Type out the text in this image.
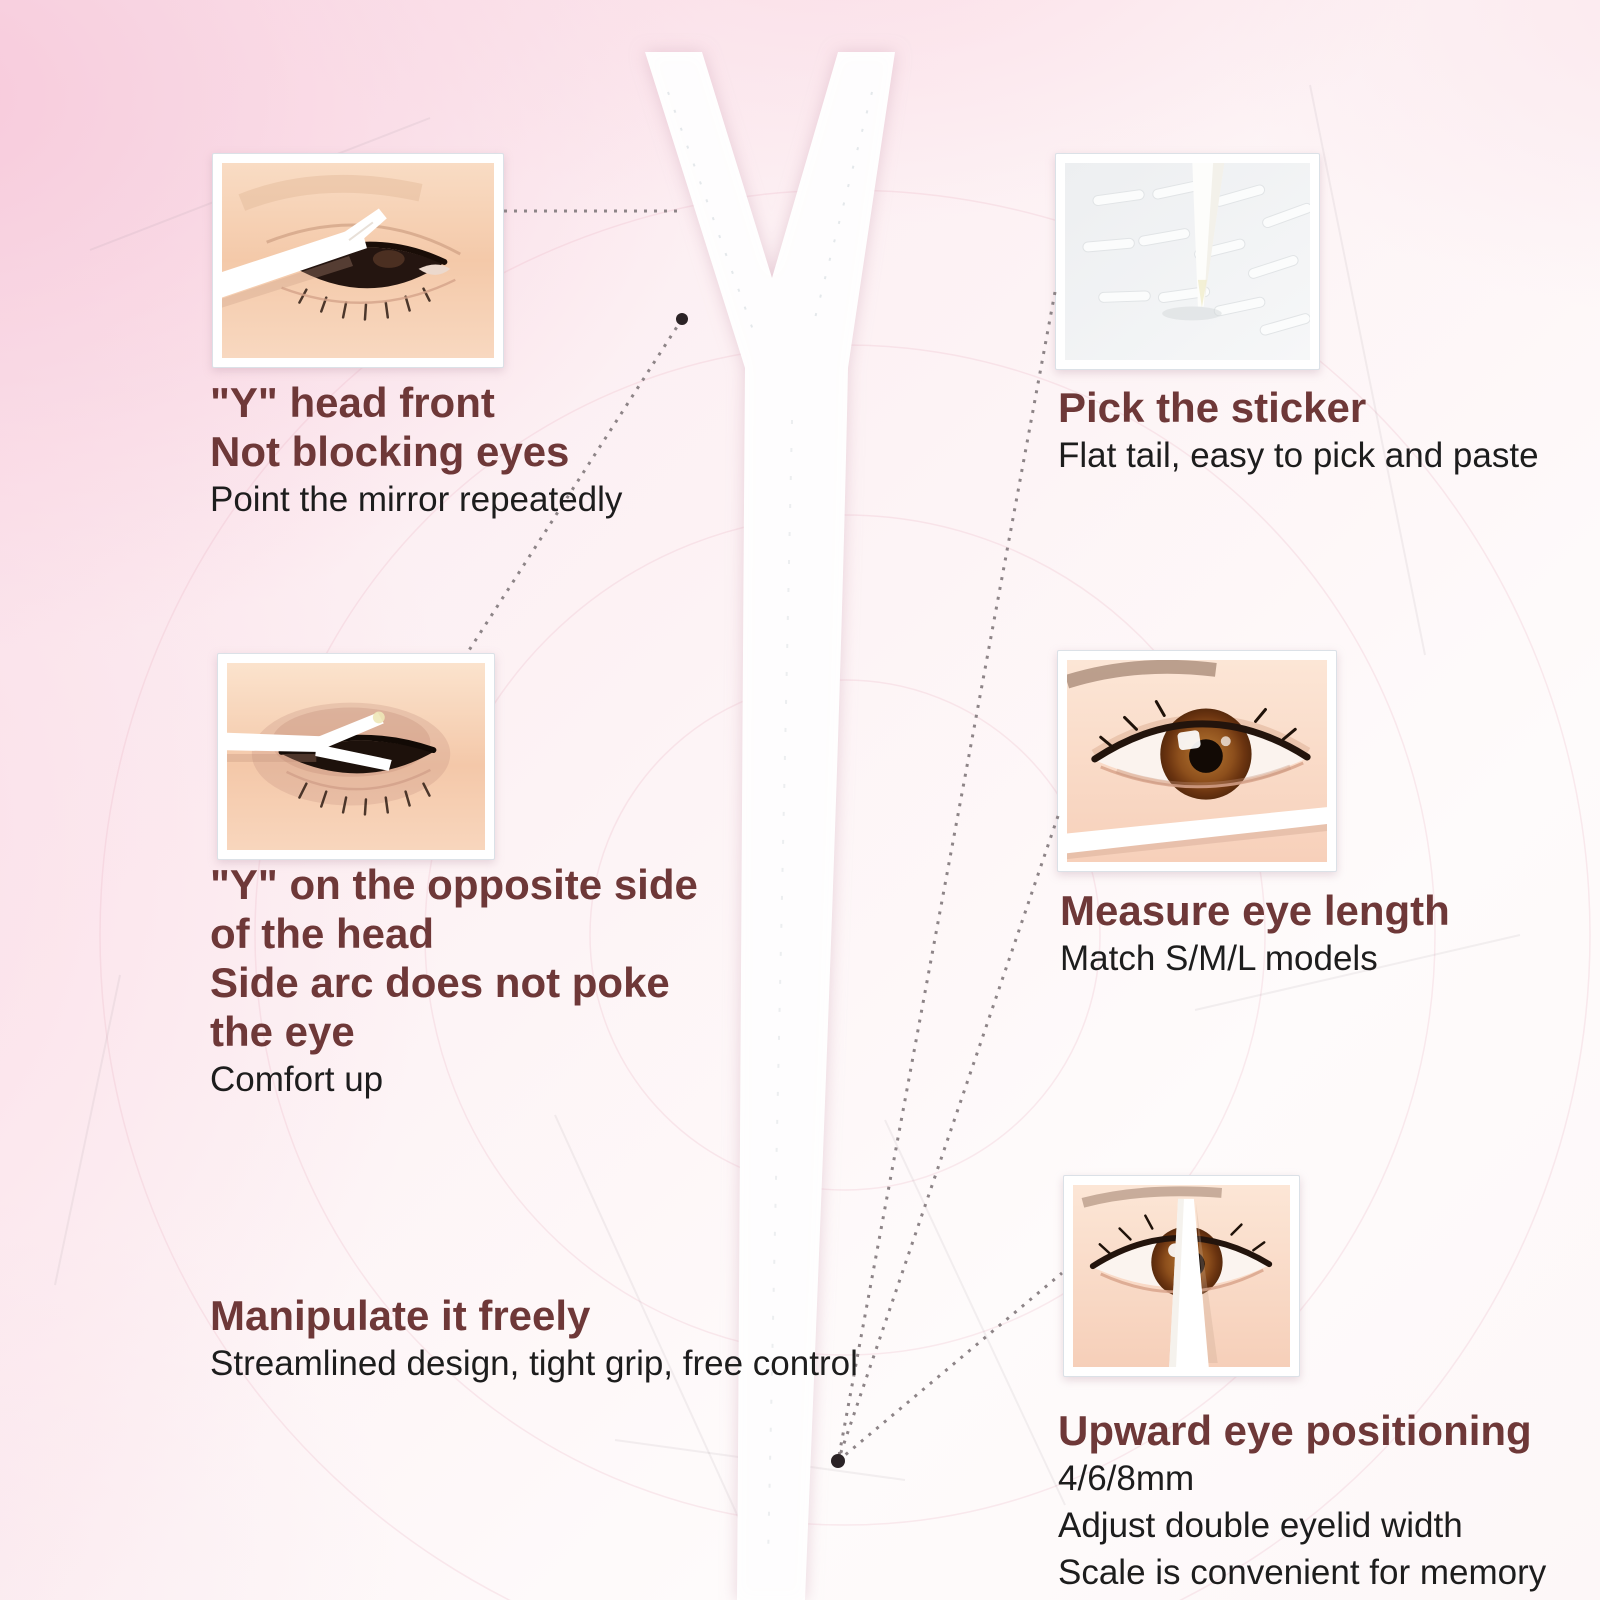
"Y" head front
Not blocking eyes
Point the mirror repeatedly
"Y" on the opposite side
of the head
Side arc does not poke
the eye
Comfort up
Manipulate it freely
Streamlined design, tight grip, free control
Pick the sticker
Flat tail, easy to pick and paste
Measure eye length
Match S/M/L models
Upward eye positioning
4/6/8mm
Adjust double eyelid width
Scale is convenient for memory
